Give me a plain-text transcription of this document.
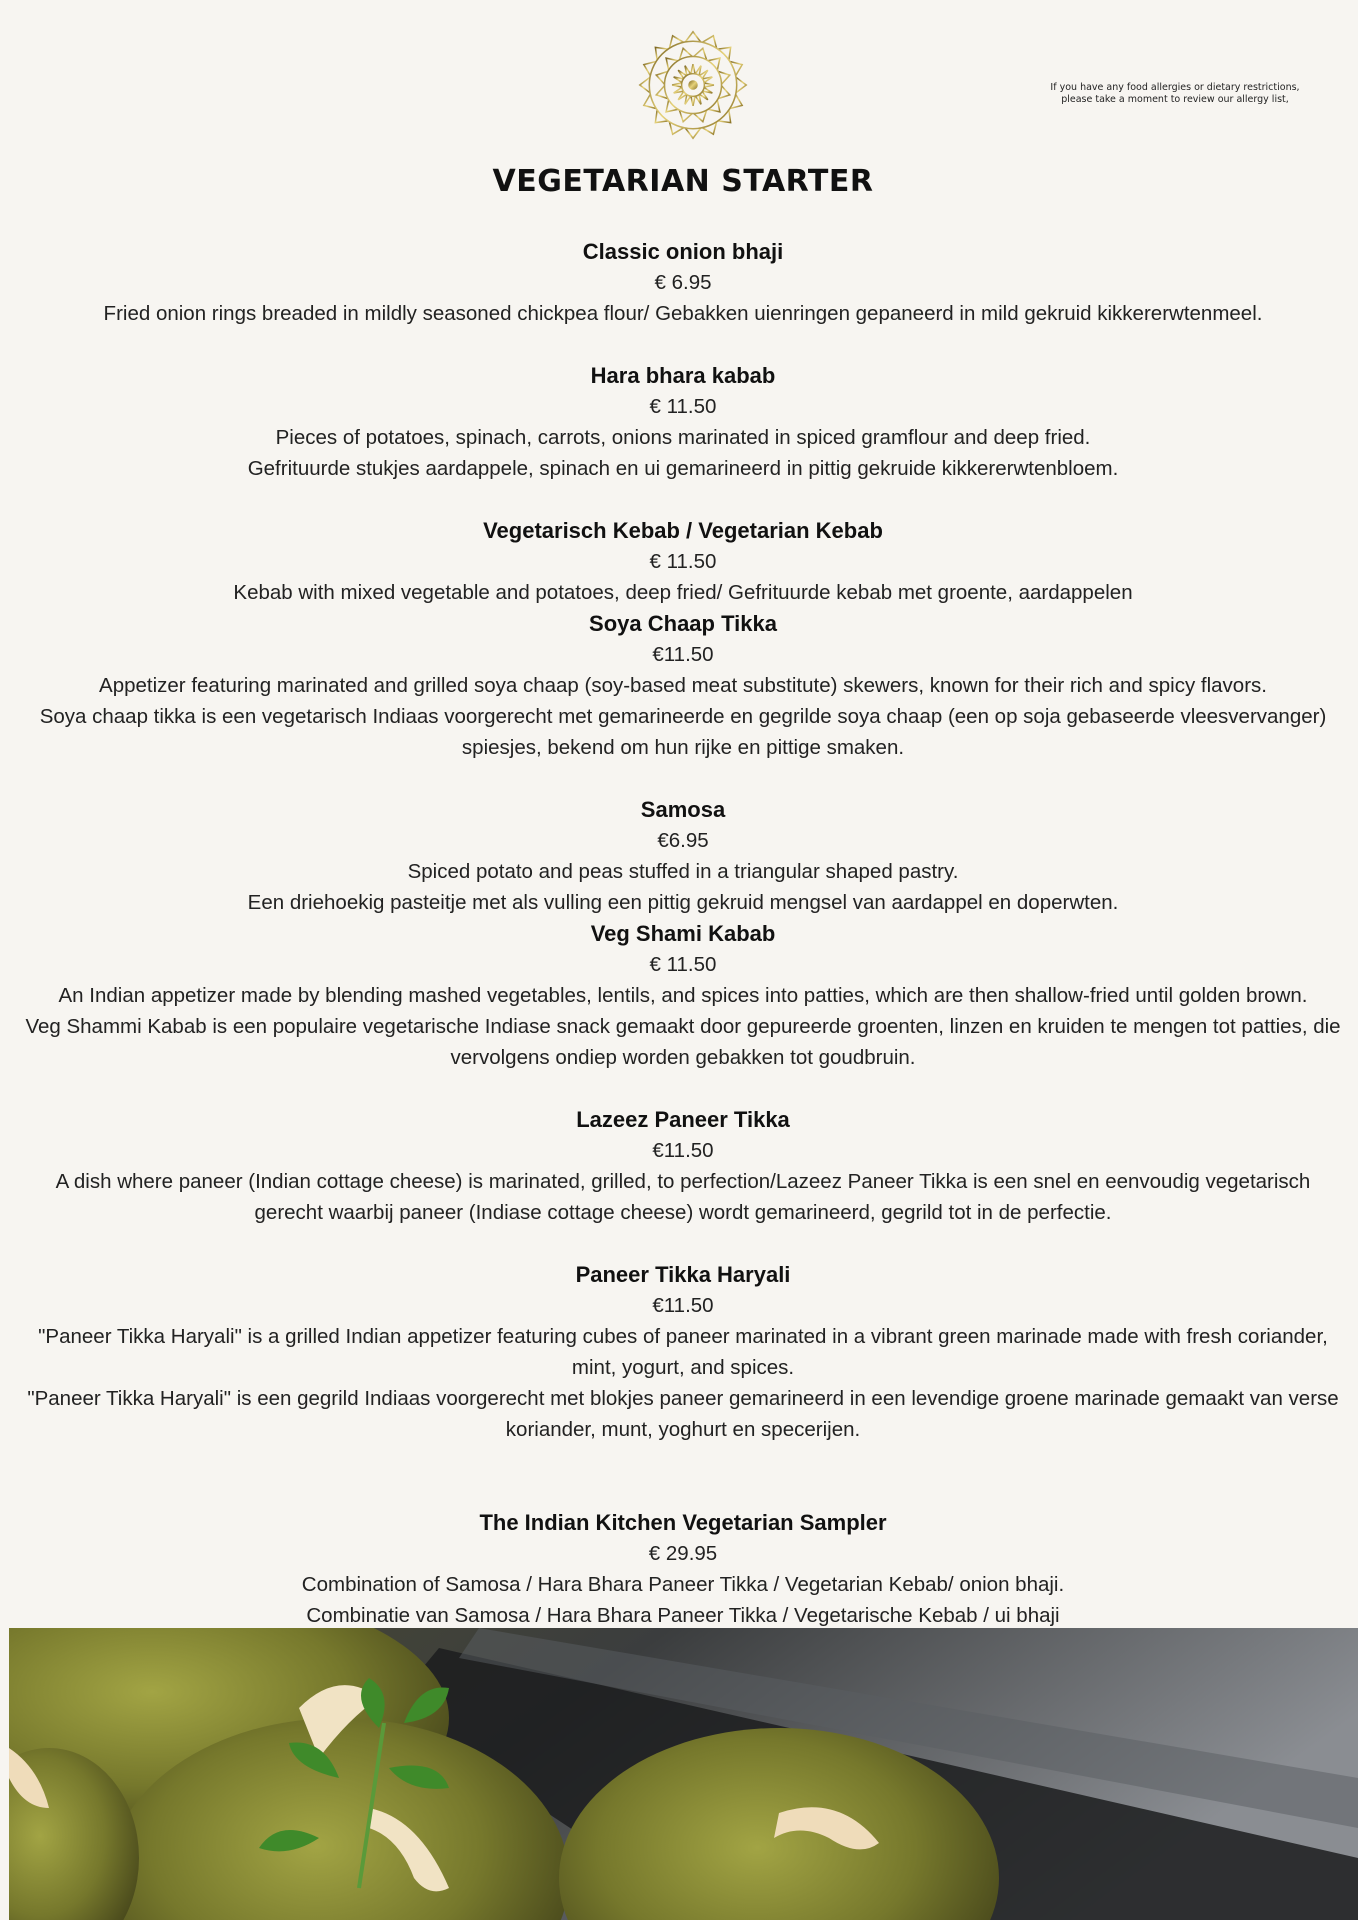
If you have any food allergies or dietary restrictions, please take a moment to review our allergy list,
VEGETARIAN STARTER
Classic onion bhaji
€ 6.95
Fried onion rings breaded in mildly seasoned chickpea flour/ Gebakken uienringen gepaneerd in mild gekruid kikkererwtenmeel.
Hara bhara kabab
€ 11.50
Pieces of potatoes, spinach, carrots, onions marinated in spiced gramflour and deep fried.
Gefrituurde stukjes aardappele, spinach en ui gemarineerd in pittig gekruide kikkererwtenbloem.
Vegetarisch Kebab / Vegetarian Kebab
€ 11.50
Kebab with mixed vegetable and potatoes, deep fried/ Gefrituurde kebab met groente, aardappelen
Soya Chaap Tikka
€11.50
Appetizer featuring marinated and grilled soya chaap (soy-based meat substitute) skewers, known for their rich and spicy flavors.
Soya chaap tikka is een vegetarisch Indiaas voorgerecht met gemarineerde en gegrilde soya chaap (een op soja gebaseerde vleesvervanger) spiesjes, bekend om hun rijke en pittige smaken.
Samosa
€6.95
Spiced potato and peas stuffed in a triangular shaped pastry.
Een driehoekig pasteitje met als vulling een pittig gekruid mengsel van aardappel en doperwten.
Veg Shami Kabab
€ 11.50
An Indian appetizer made by blending mashed vegetables, lentils, and spices into patties, which are then shallow-fried until golden brown.
Veg Shammi Kabab is een populaire vegetarische Indiase snack gemaakt door gepureerde groenten, linzen en kruiden te mengen tot patties, die vervolgens ondiep worden gebakken tot goudbruin.
Lazeez Paneer Tikka
€11.50
A dish where paneer (Indian cottage cheese) is marinated, grilled, to perfection/Lazeez Paneer Tikka is een snel en eenvoudig vegetarisch gerecht waarbij paneer (Indiase cottage cheese) wordt gemarineerd, gegrild tot in de perfectie.
Paneer Tikka Haryali
€11.50
"Paneer Tikka Haryali" is a grilled Indian appetizer featuring cubes of paneer marinated in a vibrant green marinade made with fresh coriander, mint, yogurt, and spices.
"Paneer Tikka Haryali" is een gegrild Indiaas voorgerecht met blokjes paneer gemarineerd in een levendige groene marinade gemaakt van verse koriander, munt, yoghurt en specerijen.
The Indian Kitchen Vegetarian Sampler
€ 29.95
Combination of Samosa / Hara Bhara Paneer Tikka / Vegetarian Kebab/ onion bhaji.
Combinatie van Samosa / Hara Bhara Paneer Tikka / Vegetarische Kebab / ui bhaji
